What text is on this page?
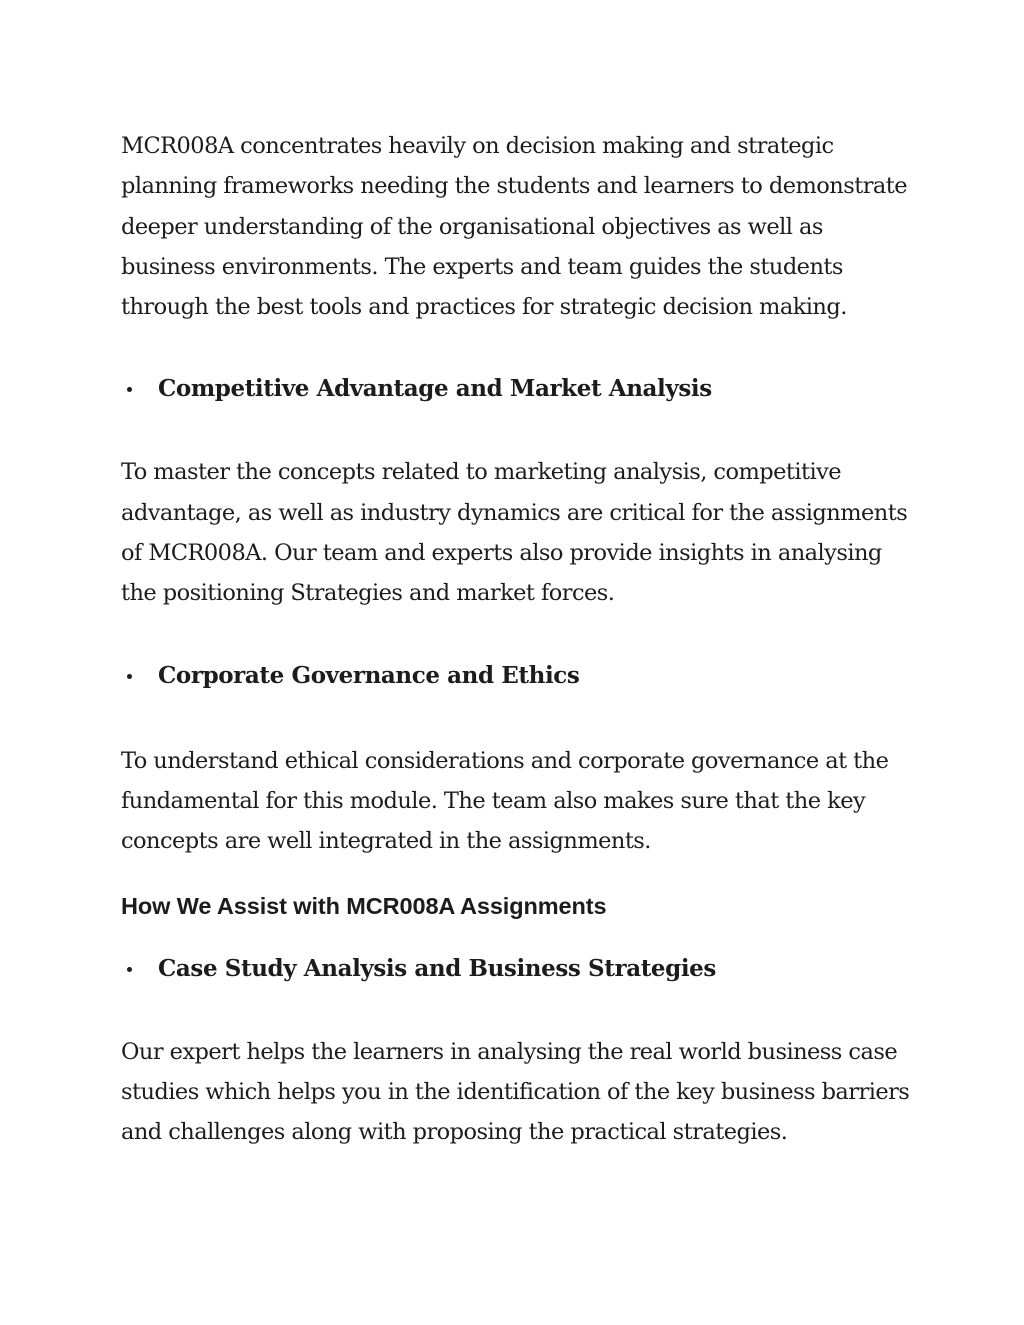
MCR008A concentrates heavily on decision making and strategic planning frameworks needing the students and learners to demonstrate deeper understanding of the organisational objectives as well as business environments. The experts and team guides the students through the best tools and practices for strategic decision making.

Competitive Advantage and Market Analysis

To master the concepts related to marketing analysis, competitive advantage, as well as industry dynamics are critical for the assignments of MCR008A. Our team and experts also provide insights in analysing the positioning Strategies and market forces.

Corporate Governance and Ethics

To understand ethical considerations and corporate governance at the fundamental for this module. The team also makes sure that the key concepts are well integrated in the assignments.

How We Assist with MCR008A Assignments
Case Study Analysis and Business Strategies

Our expert helps the learners in analysing the real world business case studies which helps you in the identification of the key business barriers and challenges along with proposing the practical strategies.
